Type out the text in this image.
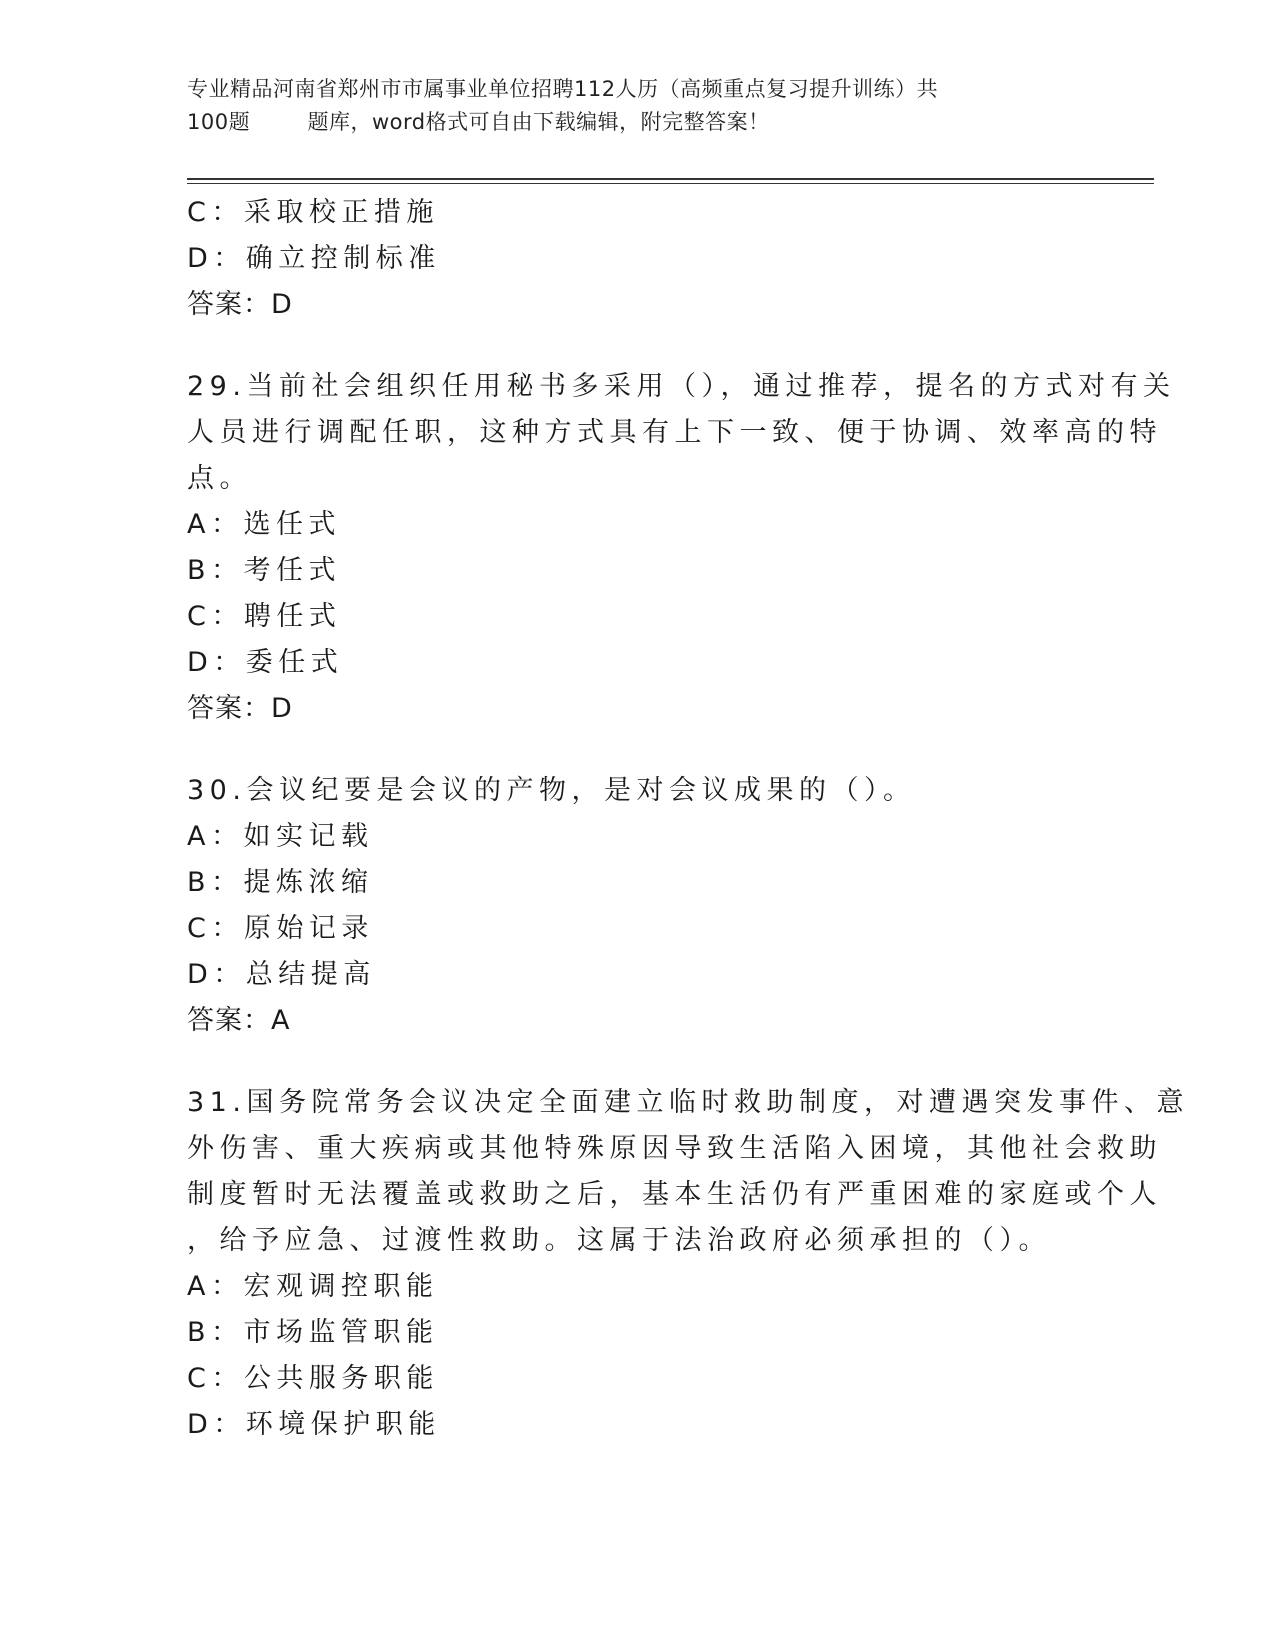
专业精品河南省郑州市市属事业单位招聘112人历（高频重点复习提升训练）共
100题        题库，word格式可自由下载编辑，附完整答案！
C：采取校正措施
D：确立控制标准
答案：D
29.当前社会组织任用秘书多采用（），通过推荐，提名的方式对有关
人员进行调配任职，这种方式具有上下一致、便于协调、效率高的特
点。
A：选任式
B：考任式
C：聘任式
D：委任式
答案：D
30.会议纪要是会议的产物，是对会议成果的（）。
A：如实记载
B：提炼浓缩
C：原始记录
D：总结提高
答案：A
31.国务院常务会议决定全面建立临时救助制度，对遭遇突发事件、意
外伤害、重大疾病或其他特殊原因导致生活陷入困境，其他社会救助
制度暂时无法覆盖或救助之后，基本生活仍有严重困难的家庭或个人
，给予应急、过渡性救助。这属于法治政府必须承担的（）。
A：宏观调控职能
B：市场监管职能
C：公共服务职能
D：环境保护职能
